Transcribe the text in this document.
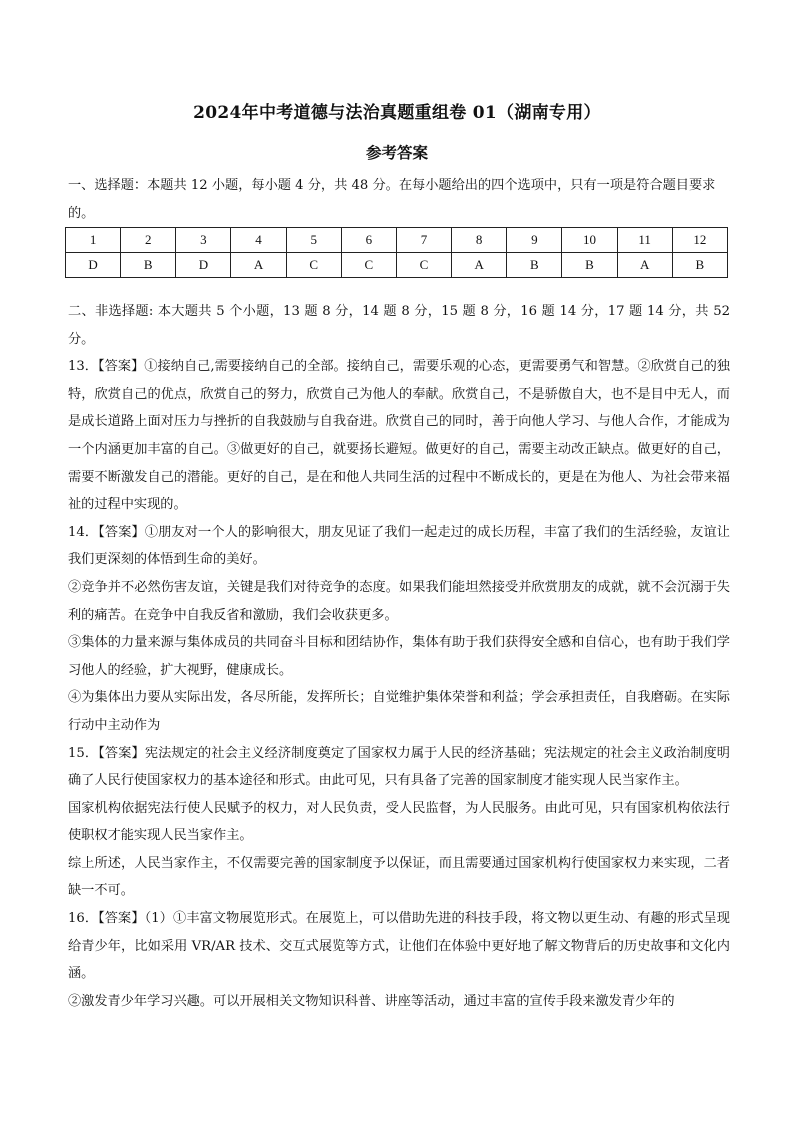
2024年中考道德与法治真题重组卷 01（湖南专用）
参考答案
一、选择题：本题共 12 小题，每小题 4 分，共 48 分。在每小题给出的四个选项中，只有一项是符合题目要求的。
1	2	3	4	5	6	7	8	9	10	11	12
D	B	D	A	C	C	C	A	B	B	A	B

二、非选择题: 本大题共 5 个小题，13 题 8 分，14 题 8 分，15 题 8 分，16 题 14 分，17 题 14 分，共 52 分。

13．【答案】①接纳自己,需要接纳自己的全部。接纳自己，需要乐观的心态，更需要勇气和智慧。②欣赏自己的独特，欣赏自己的优点，欣赏自己的努力，欣赏自己为他人的奉献。欣赏自己，不是骄傲自大，也不是目中无人，而是成长道路上面对压力与挫折的自我鼓励与自我奋进。欣赏自己的同时，善于向他人学习、与他人合作，才能成为一个内涵更加丰富的自己。③做更好的自己，就要扬长避短。做更好的自己，需要主动改正缺点。做更好的自己，需要不断激发自己的潜能。更好的自己，是在和他人共同生活的过程中不断成长的，更是在为他人、为社会带来福祉的过程中实现的。

14．【答案】①朋友对一个人的影响很大，朋友见证了我们一起走过的成长历程，丰富了我们的生活经验，友谊让我们更深刻的体悟到生命的美好。

②竞争并不必然伤害友谊，关键是我们对待竞争的态度。如果我们能坦然接受并欣赏朋友的成就，就不会沉溺于失利的痛苦。在竞争中自我反省和激励，我们会收获更多。

③集体的力量来源与集体成员的共同奋斗目标和团结协作，集体有助于我们获得安全感和自信心，也有助于我们学习他人的经验，扩大视野，健康成长。

④为集体出力要从实际出发，各尽所能，发挥所长；自觉维护集体荣誉和利益；学会承担责任，自我磨砺。在实际行动中主动作为

15．【答案】宪法规定的社会主义经济制度奠定了国家权力属于人民的经济基础；宪法规定的社会主义政治制度明确了人民行使国家权力的基本途径和形式。由此可见，只有具备了完善的国家制度才能实现人民当家作主。

国家机构依据宪法行使人民赋予的权力，对人民负责，受人民监督，为人民服务。由此可见，只有国家机构依法行使职权才能实现人民当家作主。

综上所述，人民当家作主，不仅需要完善的国家制度予以保证，而且需要通过国家机构行使国家权力来实现，二者缺一不可。

16．【答案】（1）①丰富文物展览形式。在展览上，可以借助先进的科技手段，将文物以更生动、有趣的形式呈现给青少年，比如采用 VR/AR 技术、交互式展览等方式，让他们在体验中更好地了解文物背后的历史故事和文化内涵。

②激发青少年学习兴趣。可以开展相关文物知识科普、讲座等活动，通过丰富的宣传手段来激发青少年的
